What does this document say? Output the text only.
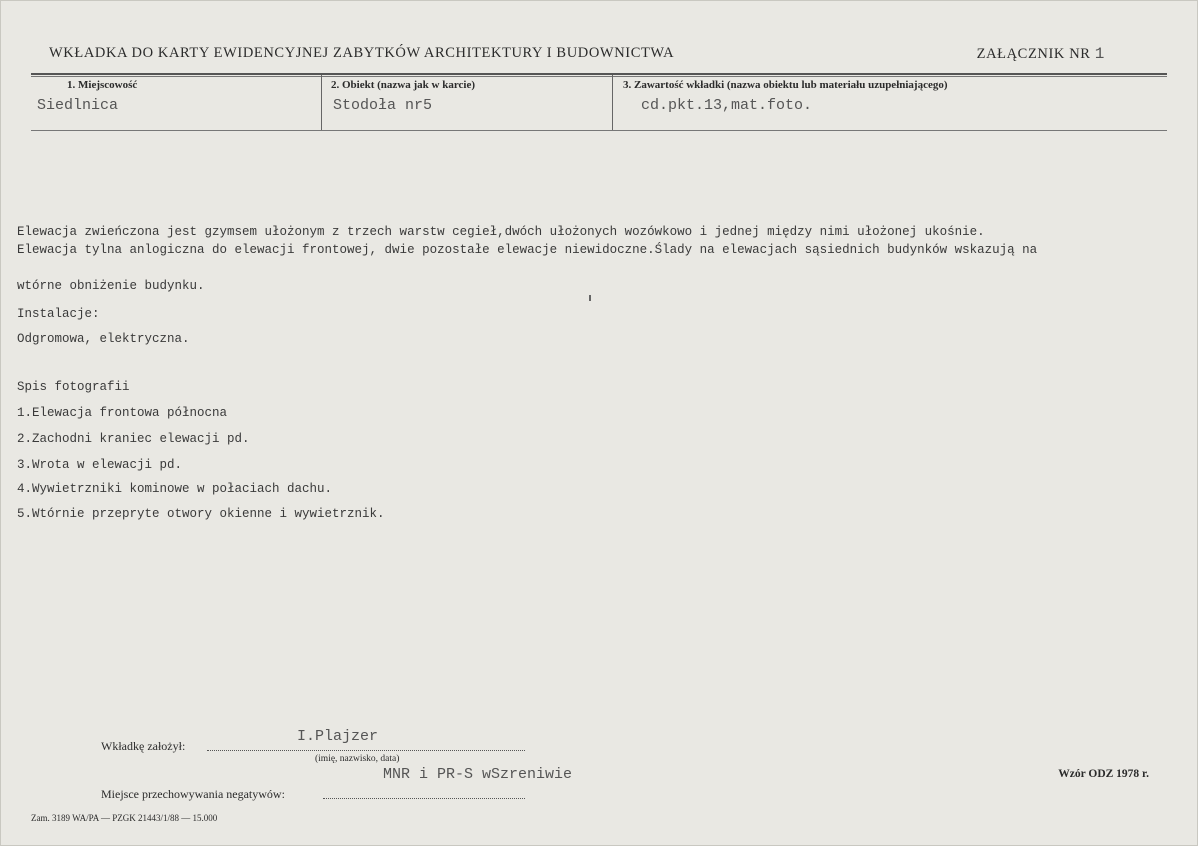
WKŁADKA DO KARTY EWIDENCYJNEJ ZABYTKÓW ARCHITEKTURY I BUDOWNICTWA	ZAŁĄCZNIK NR 1
1. Miejscowość
Siedlnica
2. Obiekt (nazwa jak w karcie)
Stodoła nr5
3. Zawartość wkładki (nazwa obiektu lub materiału uzupełniającego)
cd.pkt.13,mat.foto.
Elewacja zwieńczona jest gzymsem ułożonym z trzech warstw cegieł,dwóch ułożonych wozówkowo i jednej między nimi ułożonej ukośnie.
Elewacja tylna anlogiczna do elewacji frontowej, dwie pozostałe elewacje niewidoczne.Ślady na elewacjach sąsiednich budynków wskazują na
wtórne obniżenie budynku.
Instalacje:
Odgromowa, elektryczna.
Spis fotografii
1.Elewacja frontowa północna
2.Zachodni kraniec elewacji pd.
3.Wrota w elewacji pd.
4.Wywietrzniki kominowe w połaciach dachu.
5.Wtórnie przepryte otwory okienne i wywietrznik.
Wkładkę założył:
I.Plajzer
(imię, nazwisko, data)
Miejsce przechowywania negatywów:
MNR i PR-S wSzreniwie	Wzór ODZ 1978 r.
Zam. 3189 WA/PA — PZGK 21443/1/88 — 15.000
